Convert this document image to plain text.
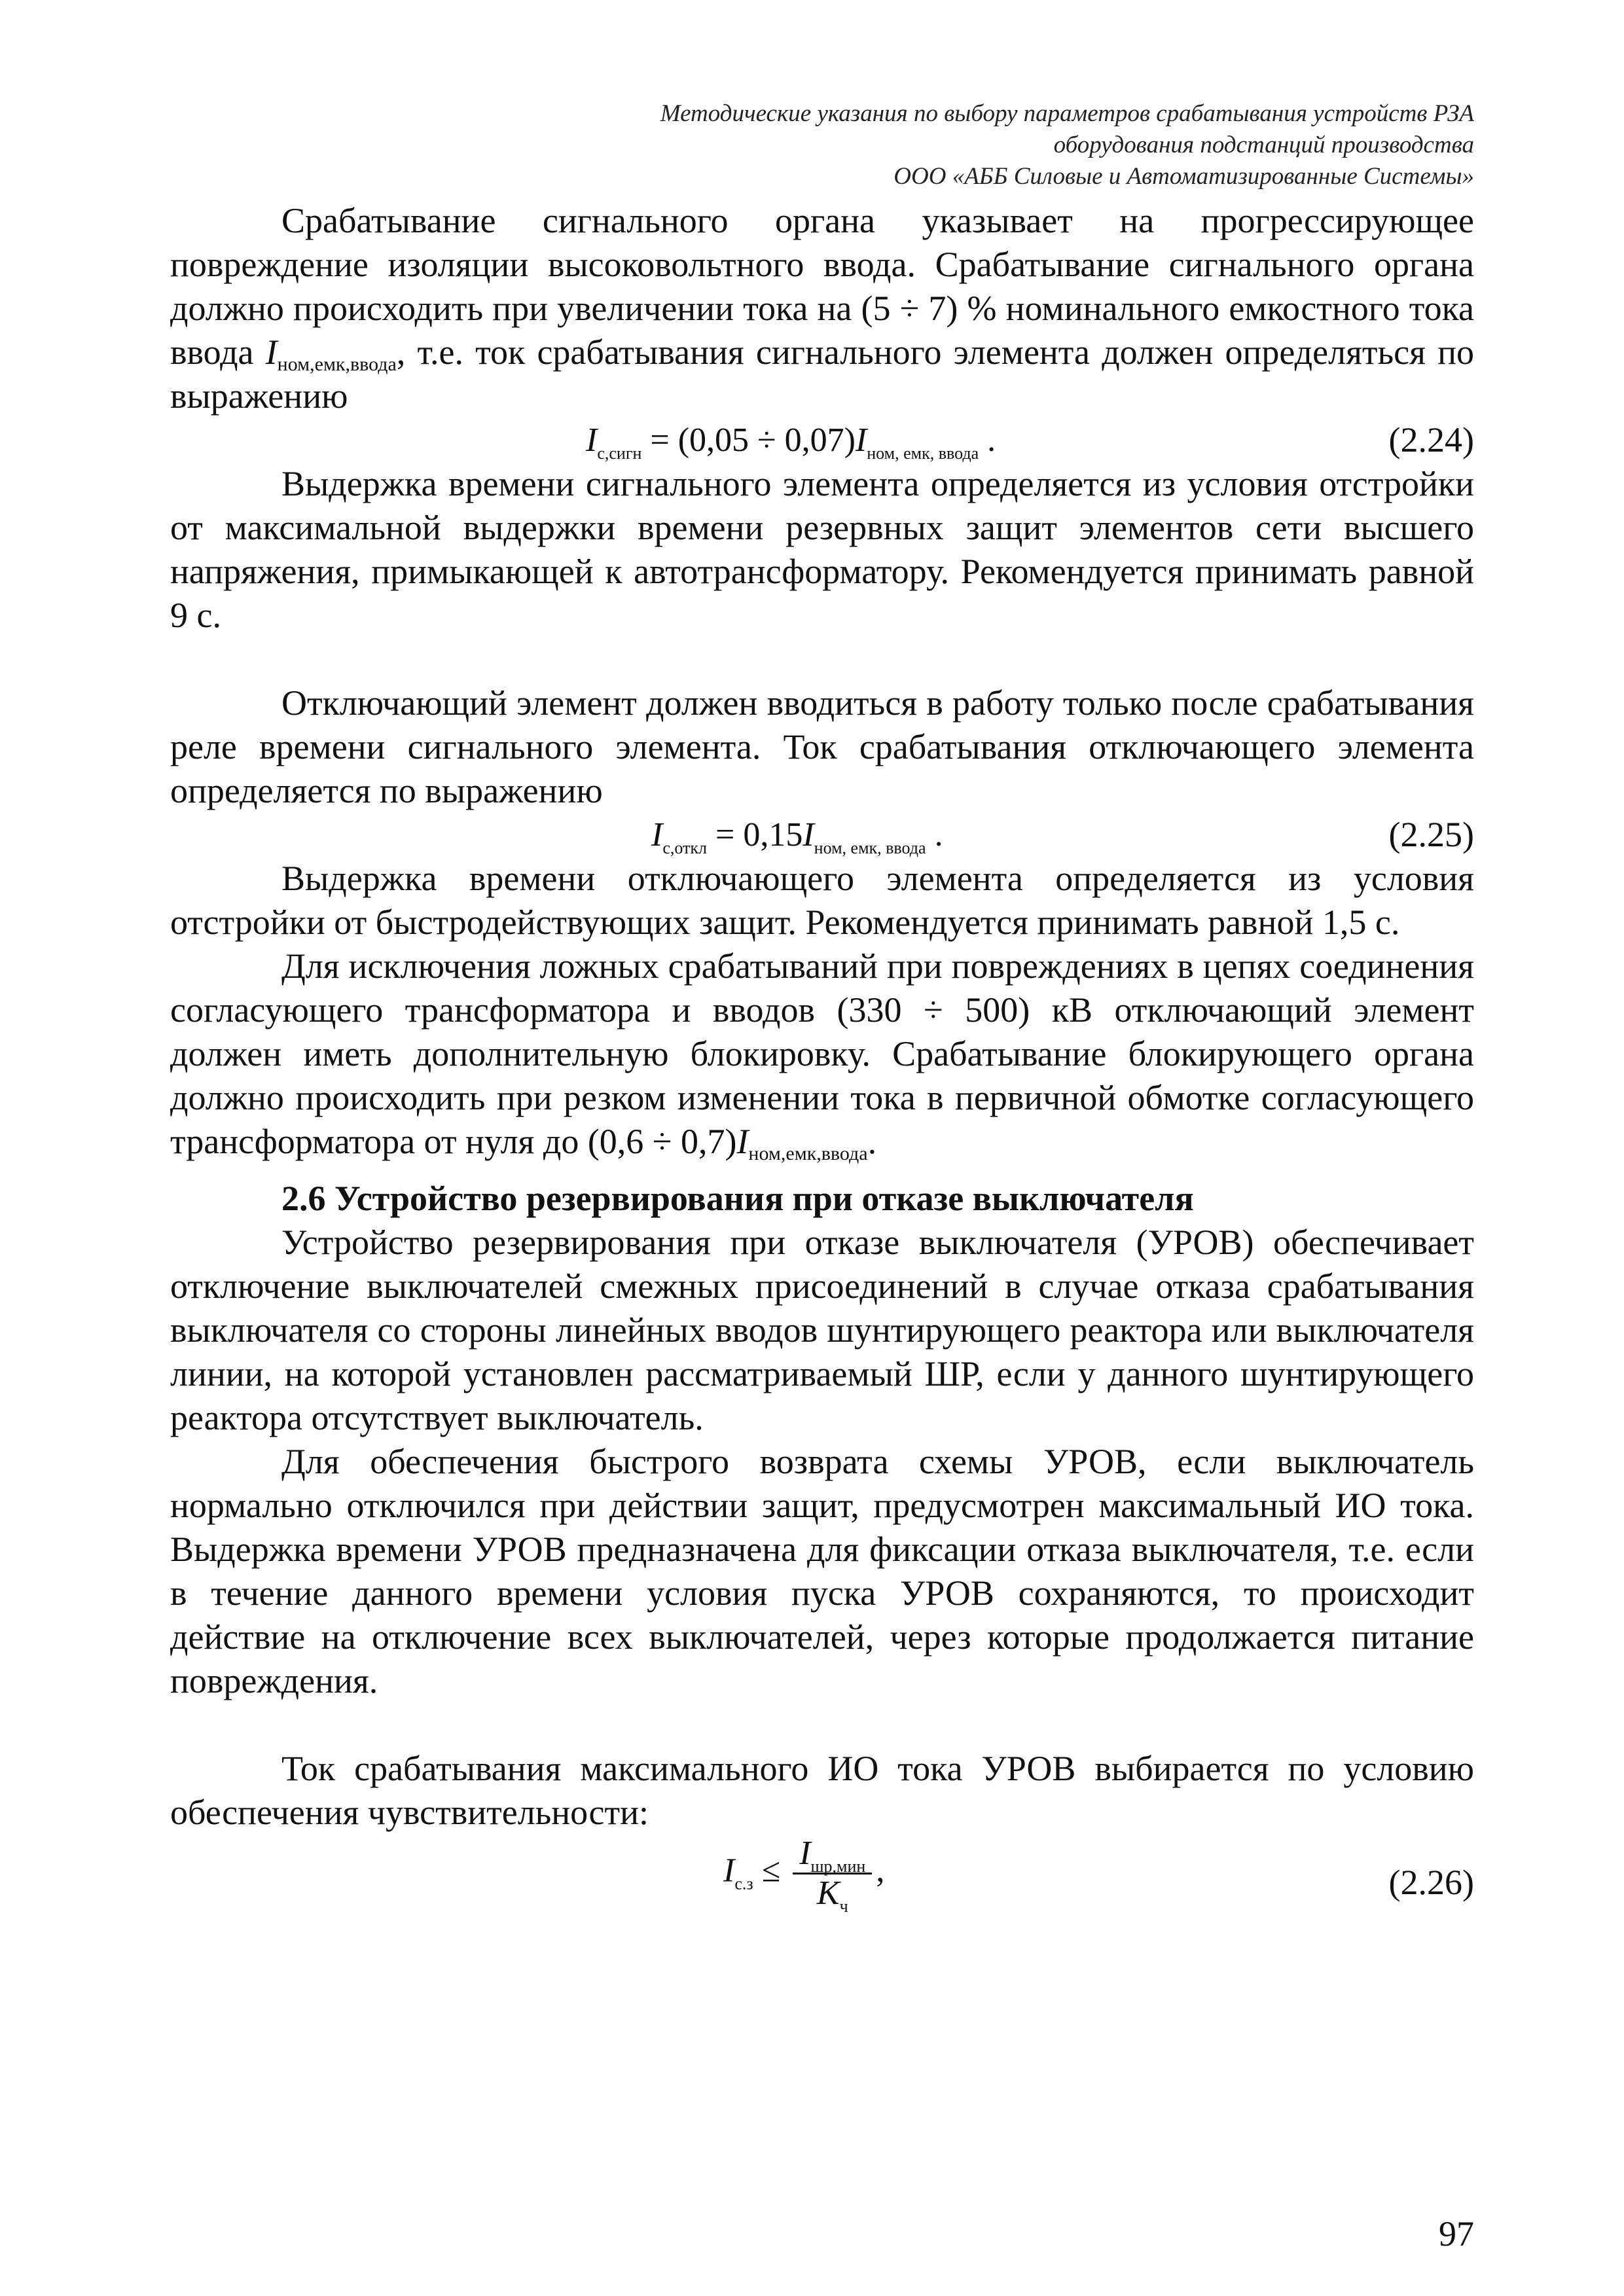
Методические указания по выбору параметров срабатывания устройств РЗА
оборудования подстанций производства
ООО «АББ Силовые и Автоматизированные Системы»

Срабатывание сигнального органа указывает на прогрессирующее повреждение изоляции высоковольтного ввода. Срабатывание сигнального органа должно происходить при увеличении тока на (5 ÷ 7) % номинального емкостного тока ввода $I_{ном,емк,ввода}$, т.е. ток срабатывания сигнального элемента должен определяться по выражению

$I_{с,сигн} = (0,05 \div 0,07)I_{ном, емк, ввода}$ .	(2.24)

Выдержка времени сигнального элемента определяется из условия отстройки от максимальной выдержки времени резервных защит элементов сети высшего напряжения, примыкающей к автотрансформатору. Рекомендуется принимать равной 9 с.

Отключающий элемент должен вводиться в работу только после срабатывания реле времени сигнального элемента. Ток срабатывания отключающего элемента определяется по выражению

$I_{с,откл} = 0,15I_{ном, емк, ввода}$ .	(2.25)

Выдержка времени отключающего элемента определяется из условия отстройки от быстродействующих защит. Рекомендуется принимать равной 1,5 с.

Для исключения ложных срабатываний при повреждениях в цепях соединения согласующего трансформатора и вводов (330 ÷ 500) кВ отключающий элемент должен иметь дополнительную блокировку. Срабатывание блокирующего органа должно происходить при резком изменении тока в первичной обмотке согласующего трансформатора от нуля до $(0,6 \div 0,7)I_{ном,емк,ввода}$.

2.6 Устройство резервирования при отказе выключателя

Устройство резервирования при отказе выключателя (УРОВ) обеспечивает отключение выключателей смежных присоединений в случае отказа срабатывания выключателя со стороны линейных вводов шунтирующего реактора или выключателя линии, на которой установлен рассматриваемый ШР, если у данного шунтирующего реактора отсутствует выключатель.

Для обеспечения быстрого возврата схемы УРОВ, если выключатель нормально отключился при действии защит, предусмотрен максимальный ИО тока. Выдержка времени УРОВ предназначена для фиксации отказа выключателя, т.е. если в течение данного времени условия пуска УРОВ сохраняются, то происходит действие на отключение всех выключателей, через которые продолжается питание повреждения.

Ток срабатывания максимального ИО тока УРОВ выбирается по условию обеспечения чувствительности:

$I_{с.з} \le \frac{I_{шр,мин}}{K_ч}$ ,	(2.26)
97
